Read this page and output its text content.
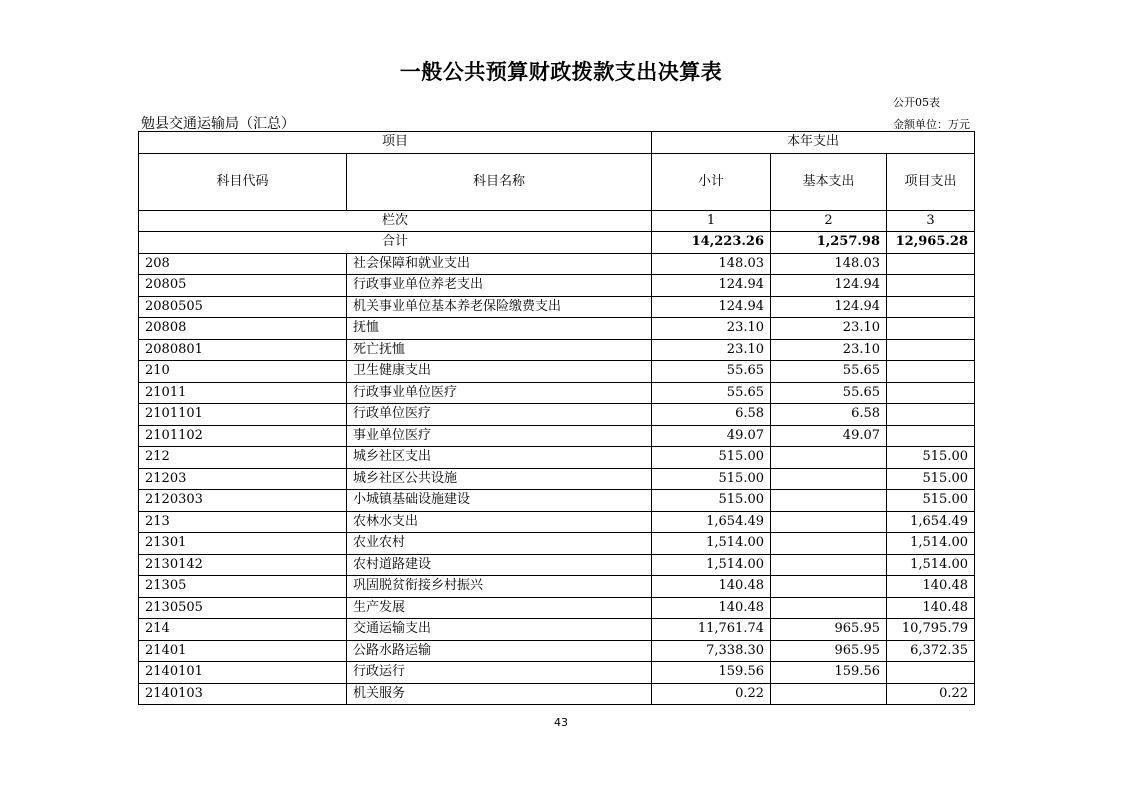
一般公共预算财政拨款支出决算表
公开05表
勉县交通运输局（汇总）	金额单位：万元
项目		本年支出		
科目代码	科目名称	小计	基本支出	项目支出
栏次		1	2	3
合计		14,223.26	1,257.98	12,965.28
208	社会保障和就业支出	148.03	148.03	
20805	行政事业单位养老支出	124.94	124.94	
2080505	机关事业单位基本养老保险缴费支出	124.94	124.94	
20808	抚恤	23.10	23.10	
2080801	死亡抚恤	23.10	23.10	
210	卫生健康支出	55.65	55.65	
21011	行政事业单位医疗	55.65	55.65	
2101101	行政单位医疗	6.58	6.58	
2101102	事业单位医疗	49.07	49.07	
212	城乡社区支出	515.00		515.00
21203	城乡社区公共设施	515.00		515.00
2120303	小城镇基础设施建设	515.00		515.00
213	农林水支出	1,654.49		1,654.49
21301	农业农村	1,514.00		1,514.00
2130142	农村道路建设	1,514.00		1,514.00
21305	巩固脱贫衔接乡村振兴	140.48		140.48
2130505	生产发展	140.48		140.48
214	交通运输支出	11,761.74	965.95	10,795.79
21401	公路水路运输	7,338.30	965.95	6,372.35
2140101	行政运行	159.56	159.56	
2140103	机关服务	0.22		0.22
43
